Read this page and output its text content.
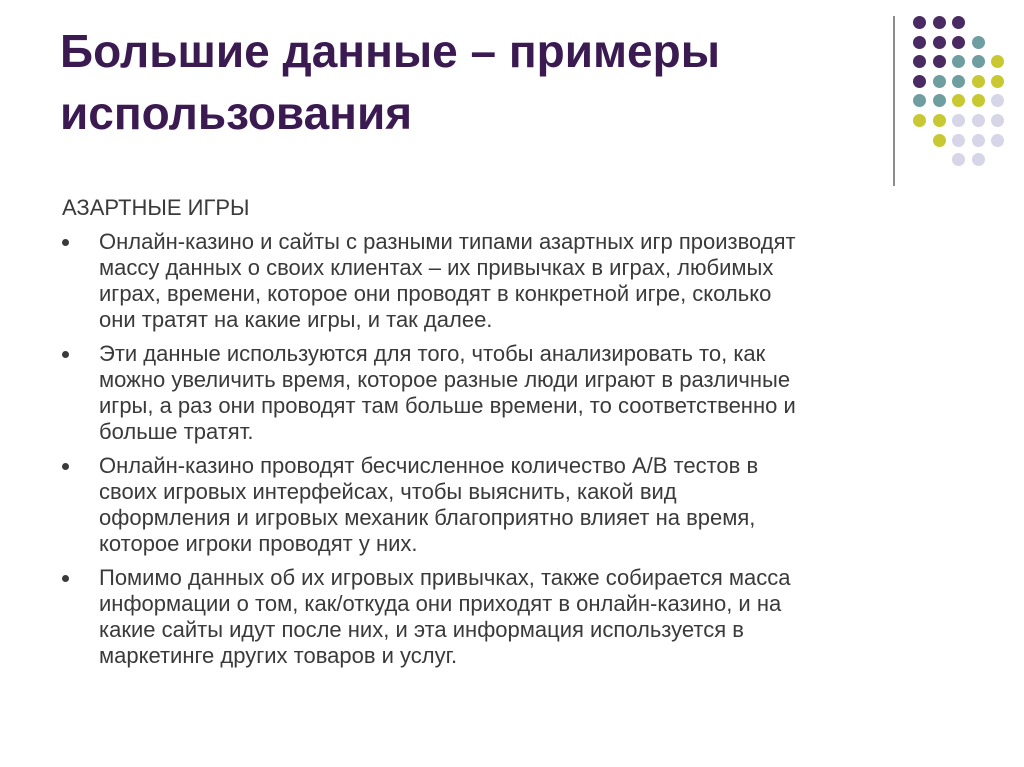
Большие данные – примеры
использования

АЗАРТНЫЕ ИГРЫ

Онлайн-казино и сайты с разными типами азартных игр производят
массу данных о своих клиентах – их привычках в играх, любимых
играх, времени, которое они проводят в конкретной игре, сколько
они тратят на какие игры, и так далее.
Эти данные используются для того, чтобы анализировать то, как
можно увеличить время, которое разные люди играют в различные
игры, а раз они проводят там больше времени, то соответственно и
больше тратят.
Онлайн-казино проводят бесчисленное количество A/B тестов в
своих игровых интерфейсах, чтобы выяснить, какой вид
оформления и игровых механик благоприятно влияет на время,
которое игроки проводят у них.
Помимо данных об их игровых привычках, также собирается масса
информации о том, как/откуда они приходят в онлайн-казино, и на
какие сайты идут после них, и эта информация используется в
маркетинге других товаров и услуг.
